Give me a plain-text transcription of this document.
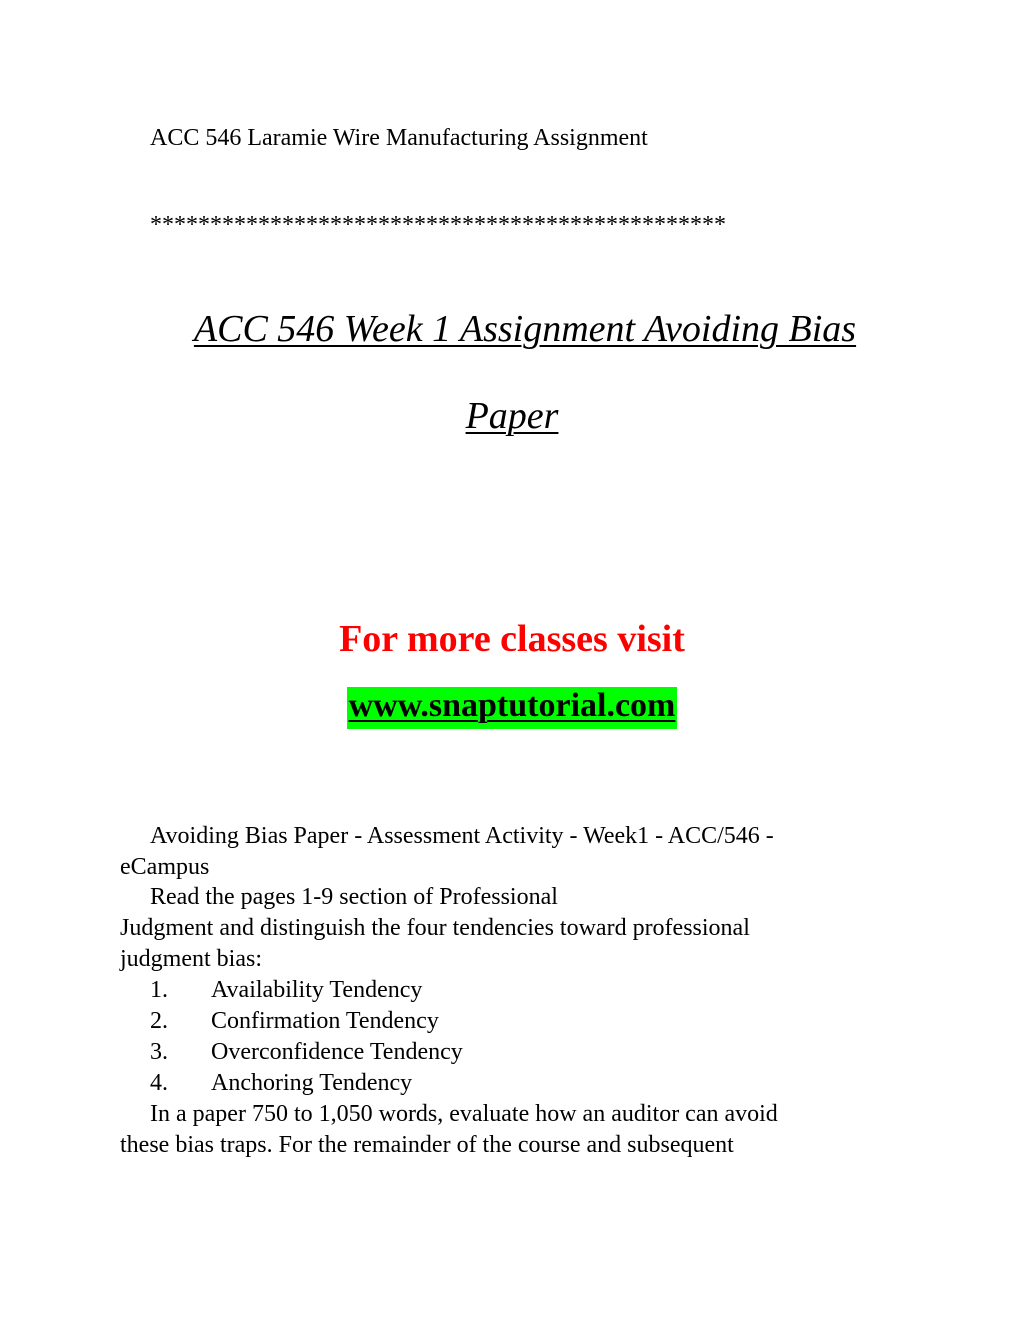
ACC 546 Laramie Wire Manufacturing Assignment
************************************************
ACC 546 Week 1 Assignment Avoiding Bias
Paper
For more classes visit
www.snaptutorial.com
Avoiding Bias Paper - Assessment Activity - Week1 - ACC/546 -
eCampus
Read the pages 1-9 section of Professional
Judgment and distinguish the four tendencies toward professional
judgment bias:
1. Availability Tendency
2. Confirmation Tendency
3. Overconfidence Tendency
4. Anchoring Tendency
In a paper 750 to 1,050 words, evaluate how an auditor can avoid
these bias traps. For the remainder of the course and subsequent
